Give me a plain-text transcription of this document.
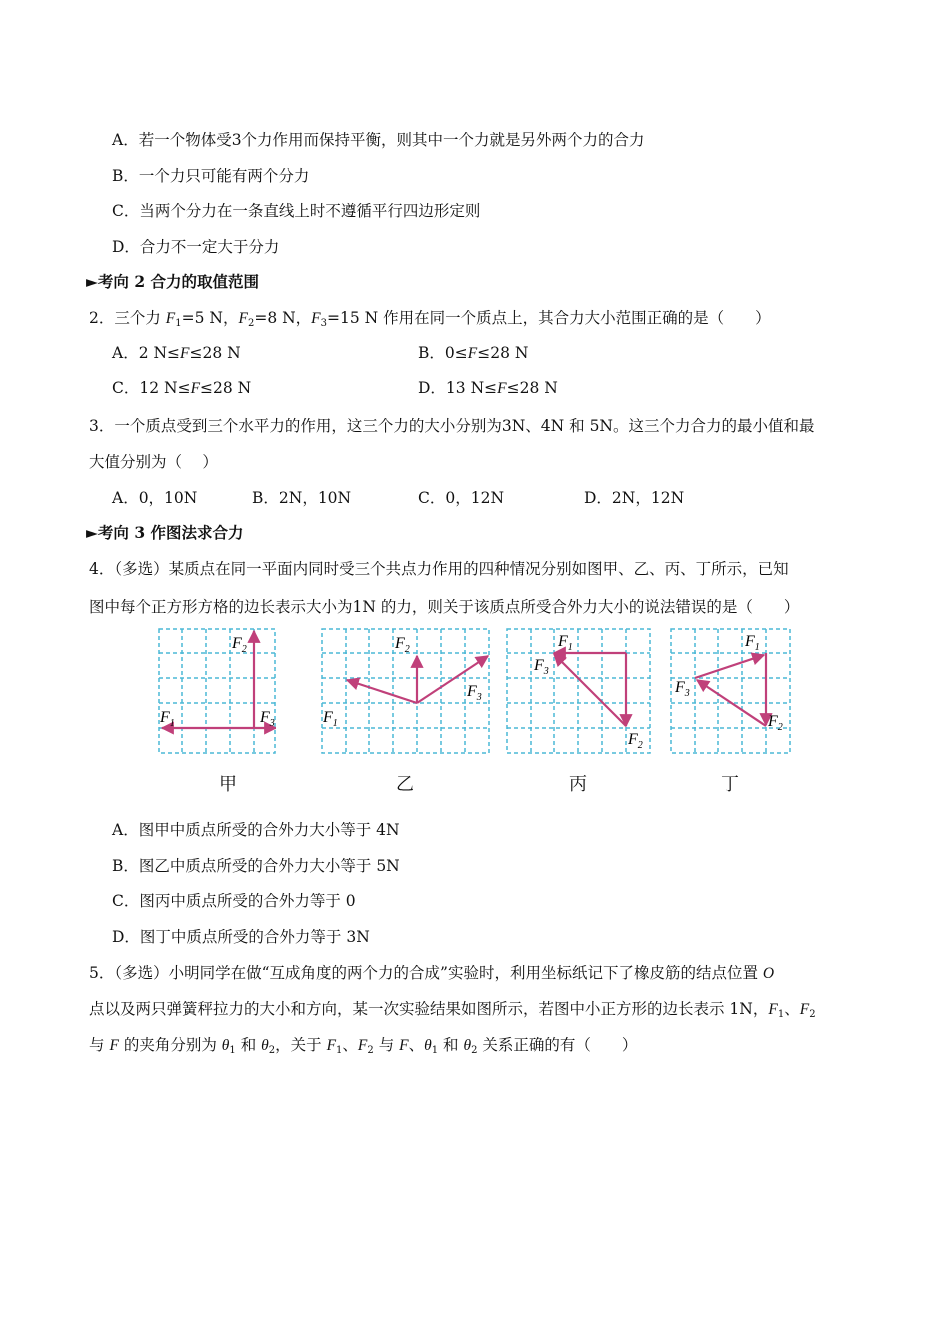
A．若一个物体受3个力作用而保持平衡，则其中一个力就是另外两个力的合力
B．一个力只可能有两个分力
C．当两个分力在一条直线上时不遵循平行四边形定则
D．合力不一定大于分力
►考向 2 合力的取值范围
2．三个力 $F_1=5$ N，$F_2=8$ N，$F_3=15$ N 作用在同一个质点上，其合力大小范围正确的是（　　）
A．2 N≤F≤28 N	B．0≤F≤28 N
C．12 N≤F≤28 N	D．13 N≤F≤28 N
3．一个质点受到三个水平力的作用，这三个力的大小分别为3N、4N 和 5N。这三个力合力的最小值和最
大值分别为（　 ）
A．0，10N	B．2N，10N	C．0，12N	D．2N，12N
►考向 3 作图法求合力
4．（多选）某质点在同一平面内同时受三个共点力作用的四种情况分别如图甲、乙、丙、丁所示，已知
图中每个正方形方格的边长表示大小为1N 的力，则关于该质点所受合外力大小的说法错误的是（　　）
$F_2$
$F_1$	$F_3$
$F_2$
$F_1$
$F_3$
$F_1$
$F_3$
$F_2$
$F_1$
$F_3$
$F_2$
甲	乙	丙	丁
A．图甲中质点所受的合外力大小等于 4N
B．图乙中质点所受的合外力大小等于 5N
C．图丙中质点所受的合外力等于 0
D．图丁中质点所受的合外力等于 3N
5．（多选）小明同学在做“互成角度的两个力的合成”实验时，利用坐标纸记下了橡皮筋的结点位置 O
点以及两只弹簧秤拉力的大小和方向，某一次实验结果如图所示，若图中小正方形的边长表示 1N，$F_1$、$F_2$
与 F 的夹角分别为 $\theta_1$ 和 $\theta_2$，关于 $F_1$、$F_2$ 与 F、$\theta_1$ 和 $\theta_2$ 关系正确的有（　　）
